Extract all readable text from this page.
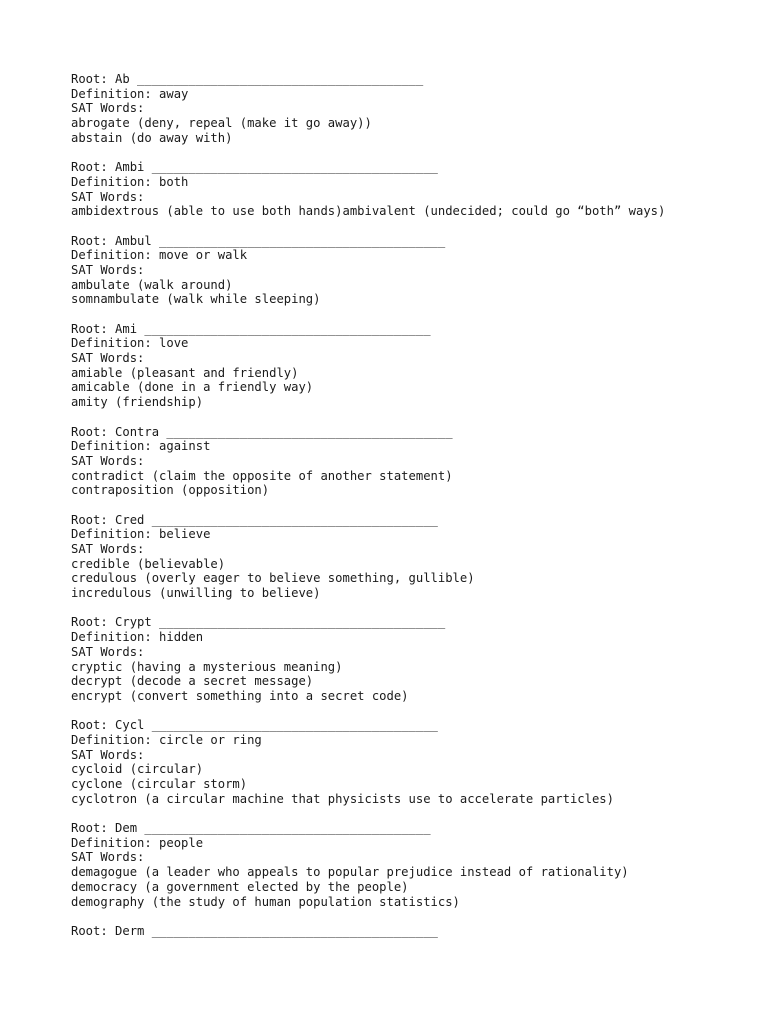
Root: Ab _______________________________________
Definition: away
SAT Words:
abrogate (deny, repeal (make it go away))
abstain (do away with)
Root: Ambi _______________________________________
Definition: both
SAT Words:
ambidextrous (able to use both hands)ambivalent (undecided; could go “both” ways)
Root: Ambul _______________________________________
Definition: move or walk
SAT Words:
ambulate (walk around)
somnambulate (walk while sleeping)
Root: Ami _______________________________________
Definition: love
SAT Words:
amiable (pleasant and friendly)
amicable (done in a friendly way)
amity (friendship)
Root: Contra _______________________________________
Definition: against
SAT Words:
contradict (claim the opposite of another statement)
contraposition (opposition)
Root: Cred _______________________________________
Definition: believe
SAT Words:
credible (believable)
credulous (overly eager to believe something, gullible)
incredulous (unwilling to believe)
Root: Crypt _______________________________________
Definition: hidden
SAT Words:
cryptic (having a mysterious meaning)
decrypt (decode a secret message)
encrypt (convert something into a secret code)
Root: Cycl _______________________________________
Definition: circle or ring
SAT Words:
cycloid (circular)
cyclone (circular storm)
cyclotron (a circular machine that physicists use to accelerate particles)
Root: Dem _______________________________________
Definition: people
SAT Words:
demagogue (a leader who appeals to popular prejudice instead of rationality)
democracy (a government elected by the people)
demography (the study of human population statistics)
Root: Derm _______________________________________
